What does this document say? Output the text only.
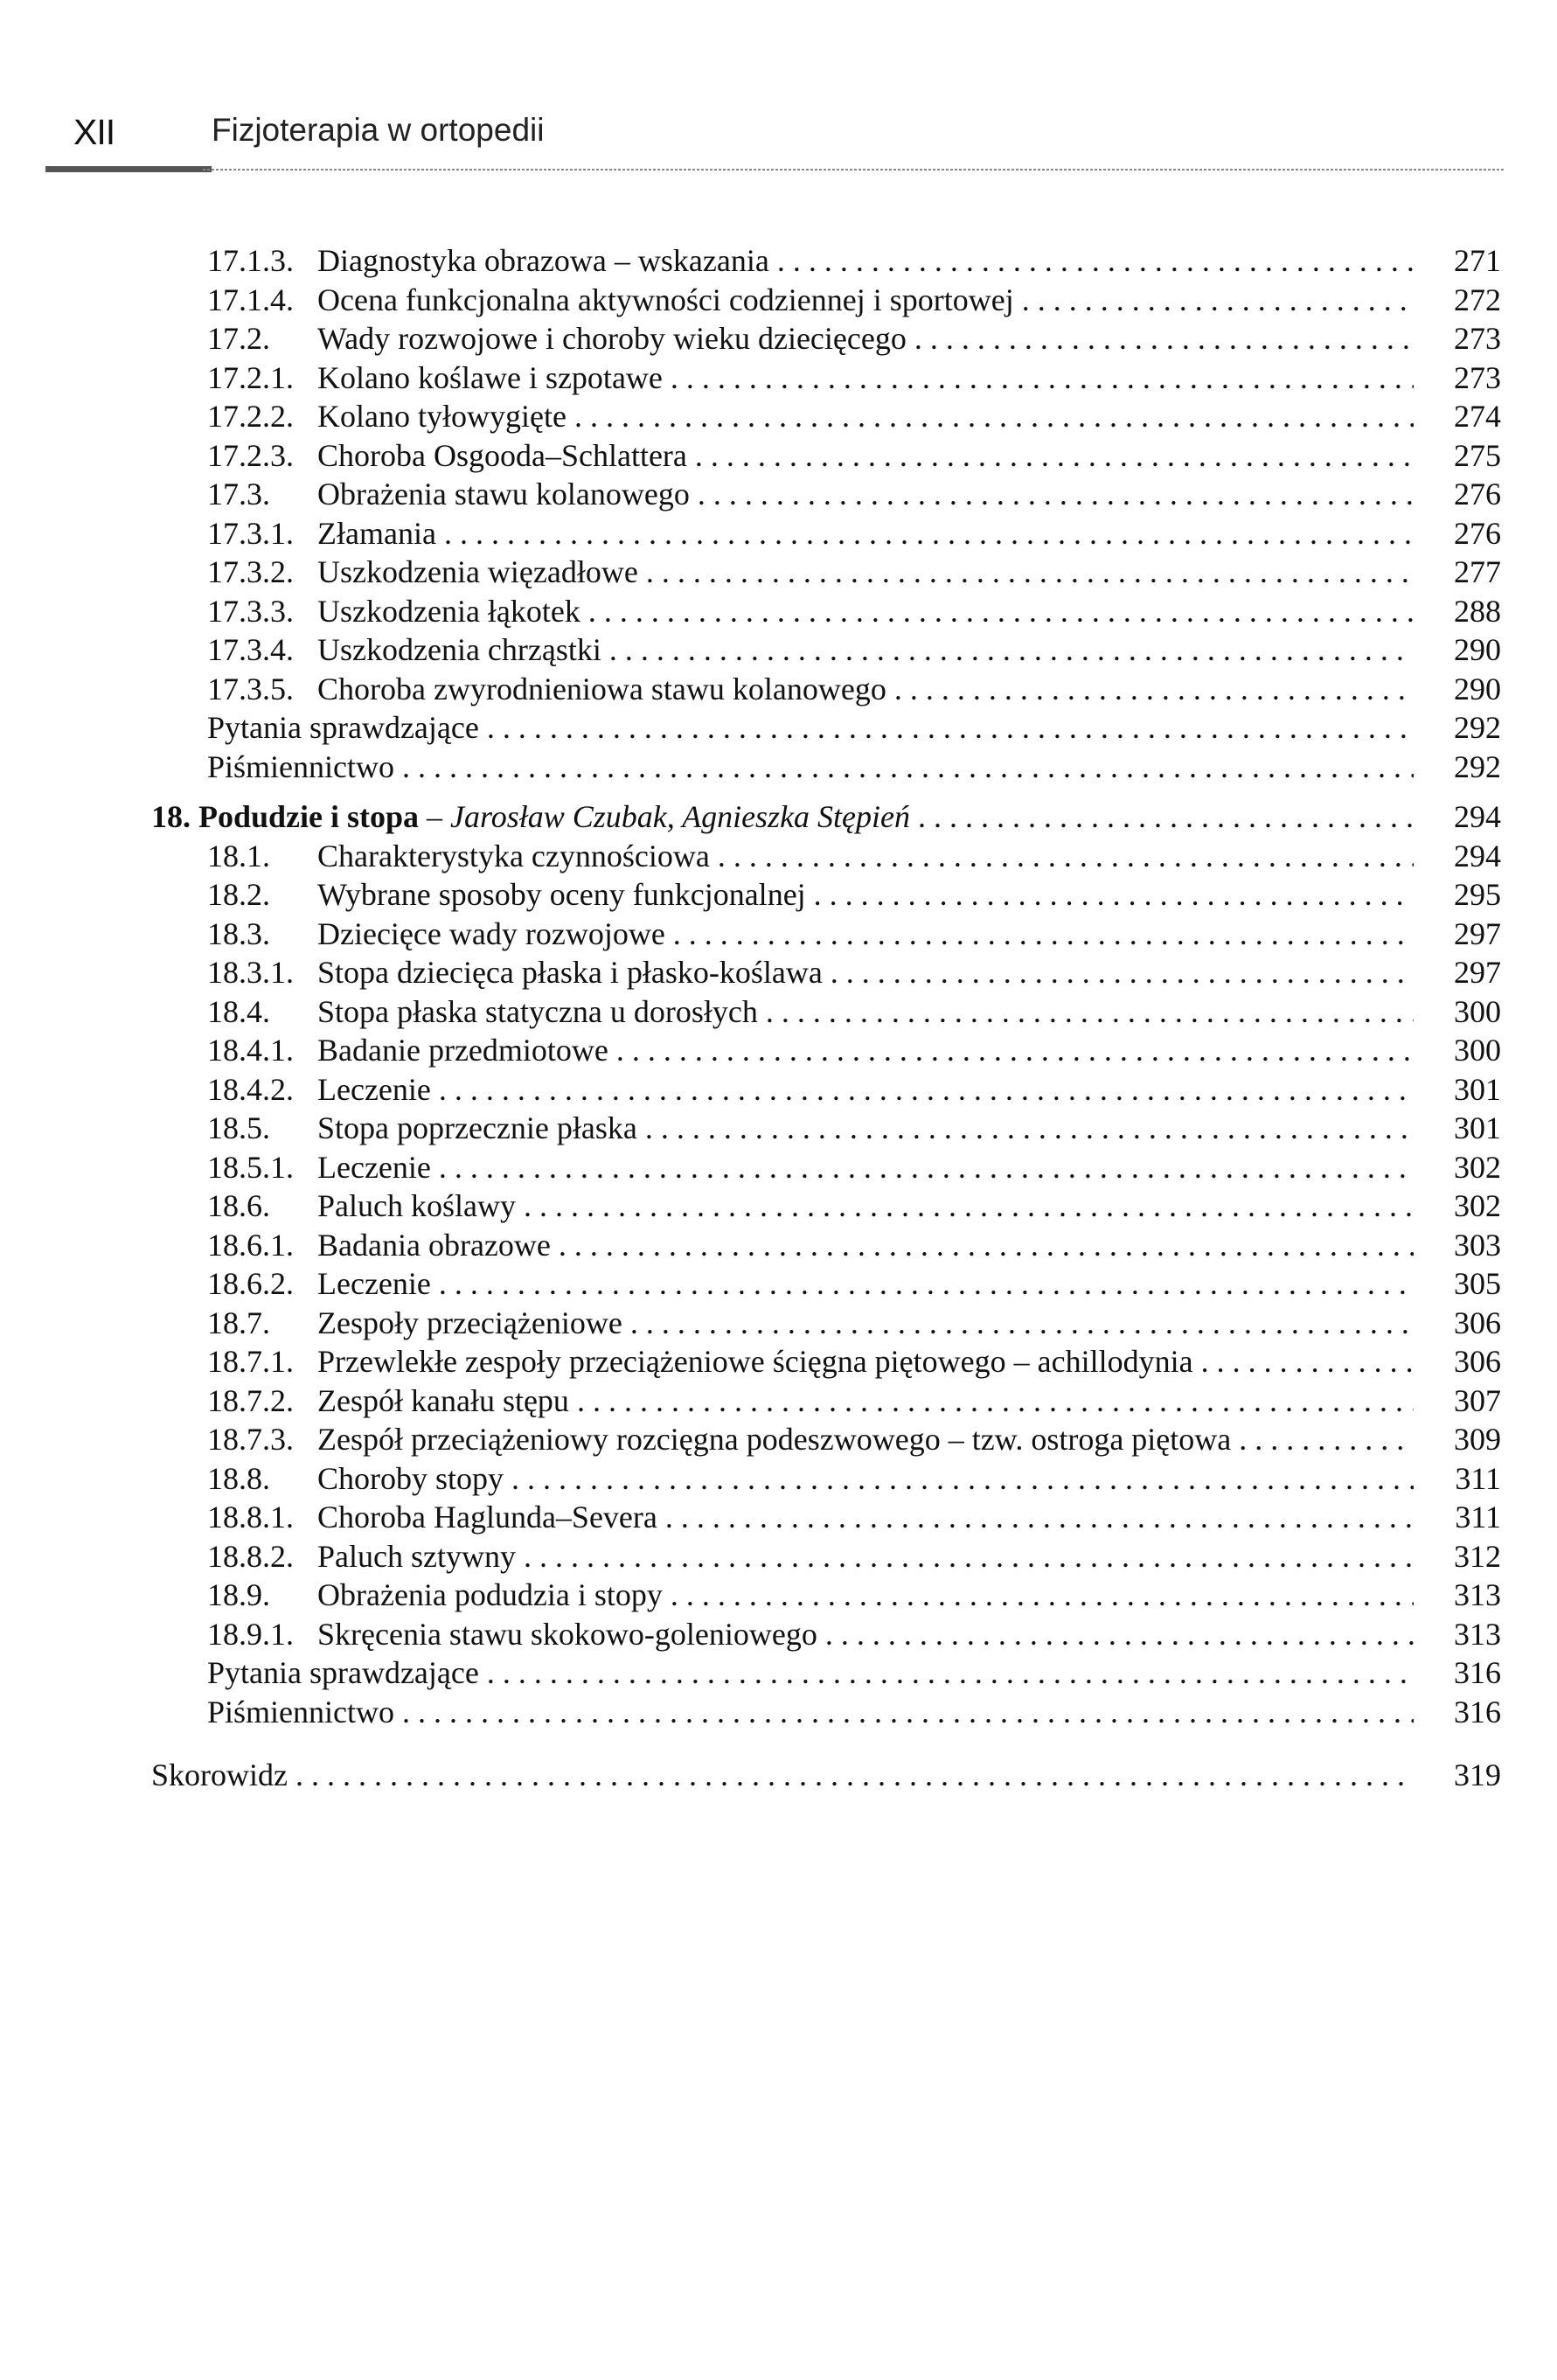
XII	Fizjoterapia w ortopedii
17.1.3. Diagnostyka obrazowa – wskazania . . .	271
17.1.4. Ocena funkcjonalna aktywności codziennej i sportowej . . .	272
17.2. Wady rozwojowe i choroby wieku dziecięcego . . .	273
17.2.1. Kolano koślawe i szpotawe . . .	273
17.2.2. Kolano tyłowygięte . . .	274
17.2.3. Choroba Osgooda–Schlattera . . .	275
17.3. Obrażenia stawu kolanowego . . .	276
17.3.1. Złamania . . .	276
17.3.2. Uszkodzenia więzadłowe . . .	277
17.3.3. Uszkodzenia łąkotek . . .	288
17.3.4. Uszkodzenia chrząstki . . .	290
17.3.5. Choroba zwyrodnieniowa stawu kolanowego . . .	290
Pytania sprawdzające . . .	292
Piśmiennictwo . . .	292
18. Podudzie i stopa – Jarosław Czubak, Agnieszka Stępień . . .	294
18.1. Charakterystyka czynnościowa . . .	294
18.2. Wybrane sposoby oceny funkcjonalnej . . .	295
18.3. Dziecięce wady rozwojowe . . .	297
18.3.1. Stopa dziecięca płaska i płasko-koślawa . . .	297
18.4. Stopa płaska statyczna u dorosłych . . .	300
18.4.1. Badanie przedmiotowe . . .	300
18.4.2. Leczenie . . .	301
18.5. Stopa poprzecznie płaska . . .	301
18.5.1. Leczenie . . .	302
18.6. Paluch koślawy . . .	302
18.6.1. Badania obrazowe . . .	303
18.6.2. Leczenie . . .	305
18.7. Zespoły przeciążeniowe . . .	306
18.7.1. Przewlekłe zespoły przeciążeniowe ścięgna piętowego – achillodynia . . .	306
18.7.2. Zespół kanału stępu . . .	307
18.7.3. Zespół przeciążeniowy rozcięgna podeszwowego – tzw. ostroga piętowa . . .	309
18.8. Choroby stopy . . .	311
18.8.1. Choroba Haglunda–Severa . . .	311
18.8.2. Paluch sztywny . . .	312
18.9. Obrażenia podudzia i stopy . . .	313
18.9.1. Skręcenia stawu skokowo-goleniowego . . .	313
Pytania sprawdzające . . .	316
Piśmiennictwo . . .	316
Skorowidz . . .	319
